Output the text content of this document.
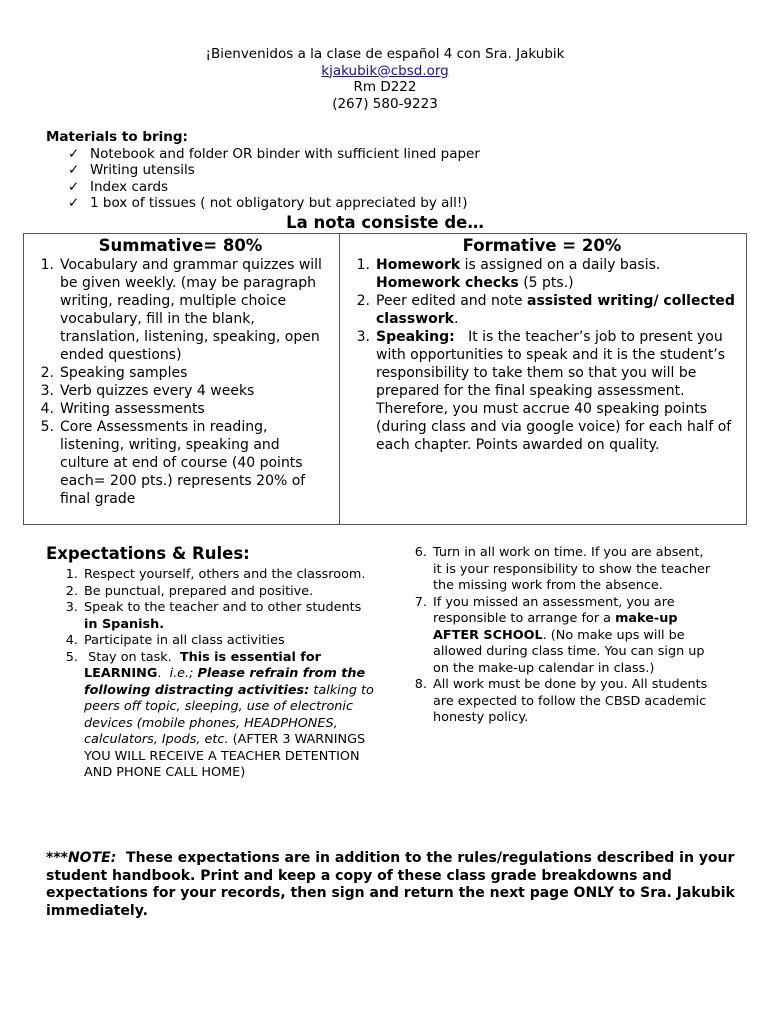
¡Bienvenidos a la clase de español 4 con Sra. Jakubik
kjakubik@cbsd.org
Rm D222
(267) 580-9223
Materials to bring:
✓ Notebook and folder OR binder with sufficient lined paper
✓ Writing utensils
✓ Index cards
✓ 1 box of tissues ( not obligatory but appreciated by all!)
La nota consiste de…
Summative= 80%
1. Vocabulary and grammar quizzes will be given weekly. (may be paragraph writing, reading, multiple choice vocabulary, fill in the blank, translation, listening, speaking, open ended questions)
2. Speaking samples
3. Verb quizzes every 4 weeks
4. Writing assessments
5. Core Assessments in reading, listening, writing, speaking and culture at end of course (40 points each= 200 pts.) represents 20% of final grade
Formative = 20%
1. Homework is assigned on a daily basis.
Homework checks (5 pts.)
2. Peer edited and note assisted writing/ collected classwork.
3. Speaking:   It is the teacher’s job to present you with opportunities to speak and it is the student’s responsibility to take them so that you will be prepared for the final speaking assessment. Therefore, you must accrue 40 speaking points (during class and via google voice) for each half of each chapter. Points awarded on quality.
Expectations & Rules:
1. Respect yourself, others and the classroom.
2. Be punctual, prepared and positive.
3. Speak to the teacher and to other students in Spanish.
4. Participate in all class activities
5. Stay on task.  This is essential for LEARNING.  i.e.; Please refrain from the following distracting activities: talking to peers off topic, sleeping, use of electronic devices (mobile phones, HEADPHONES, calculators, Ipods, etc. (AFTER 3 WARNINGS YOU WILL RECEIVE A TEACHER DETENTION AND PHONE CALL HOME)
6. Turn in all work on time. If you are absent, it is your responsibility to show the teacher the missing work from the absence.
7. If you missed an assessment, you are responsible to arrange for a make-up AFTER SCHOOL. (No make ups will be allowed during class time. You can sign up on the make-up calendar in class.)
8. All work must be done by you. All students are expected to follow the CBSD academic honesty policy.
***NOTE:  These expectations are in addition to the rules/regulations described in your student handbook. Print and keep a copy of these class grade breakdowns and expectations for your records, then sign and return the next page ONLY to Sra. Jakubik immediately.
